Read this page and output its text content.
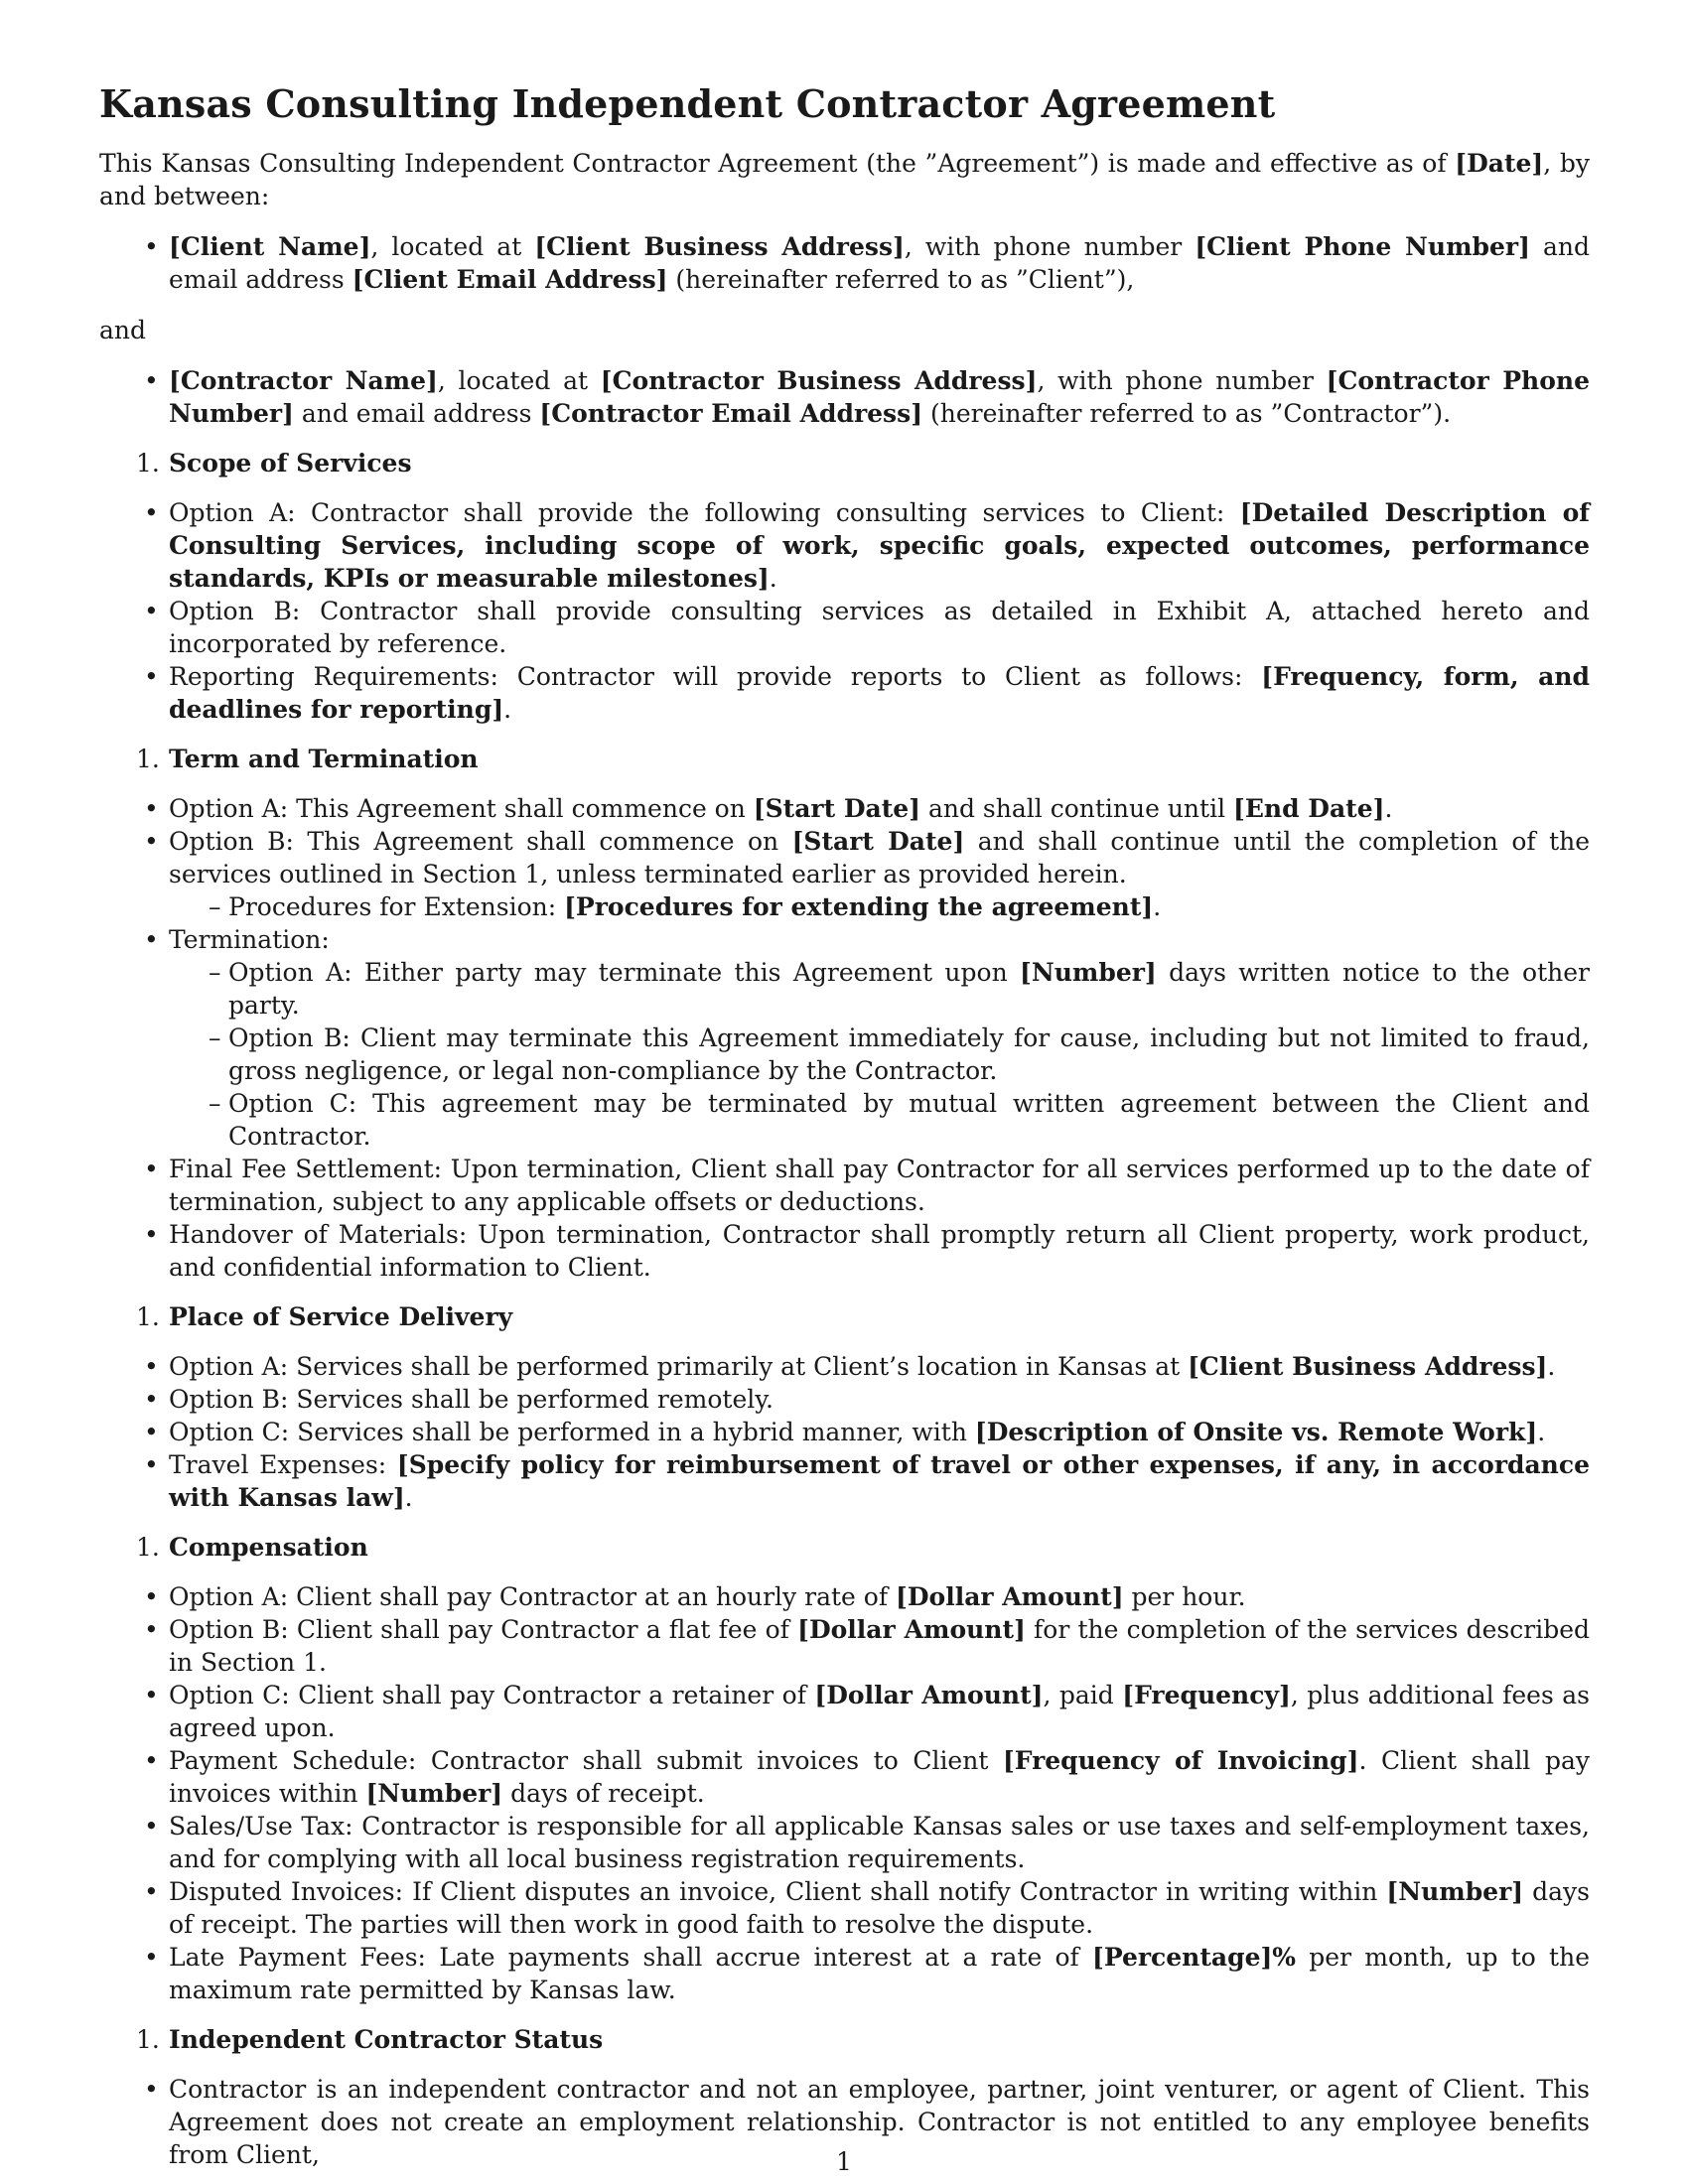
Kansas Consulting Independent Contractor Agreement

This Kansas Consulting Independent Contractor Agreement (the ”Agreement”) is made and effective as of [Date], by and between:

• [Client Name], located at [Client Business Address], with phone number [Client Phone Number] and email address [Client Email Address] (hereinafter referred to as ”Client”),

and

• [Contractor Name], located at [Contractor Business Address], with phone number [Contractor Phone Number] and email address [Contractor Email Address] (hereinafter referred to as ”Contractor”).
1. Scope of Services
• Option A: Contractor shall provide the following consulting services to Client: [Detailed Description of Consulting Services, including scope of work, specific goals, expected outcomes, performance standards, KPIs or measurable milestones].
• Option B: Contractor shall provide consulting services as detailed in Exhibit A, attached hereto and incorporated by reference.
• Reporting Requirements: Contractor will provide reports to Client as follows: [Frequency, form, and deadlines for reporting].
1. Term and Termination
• Option A: This Agreement shall commence on [Start Date] and shall continue until [End Date].
• Option B: This Agreement shall commence on [Start Date] and shall continue until the completion of the services outlined in Section 1, unless terminated earlier as provided herein.
– Procedures for Extension: [Procedures for extending the agreement].
• Termination:
– Option A: Either party may terminate this Agreement upon [Number] days written notice to the other party.
– Option B: Client may terminate this Agreement immediately for cause, including but not limited to fraud, gross negligence, or legal non-compliance by the Contractor.
– Option C: This agreement may be terminated by mutual written agreement between the Client and Contractor.
• Final Fee Settlement: Upon termination, Client shall pay Contractor for all services performed up to the date of termination, subject to any applicable offsets or deductions.
• Handover of Materials: Upon termination, Contractor shall promptly return all Client property, work product, and confidential information to Client.
1. Place of Service Delivery
• Option A: Services shall be performed primarily at Client’s location in Kansas at [Client Business Address].
• Option B: Services shall be performed remotely.
• Option C: Services shall be performed in a hybrid manner, with [Description of Onsite vs. Remote Work].
• Travel Expenses: [Specify policy for reimbursement of travel or other expenses, if any, in accordance with Kansas law].
1. Compensation
• Option A: Client shall pay Contractor at an hourly rate of [Dollar Amount] per hour.
• Option B: Client shall pay Contractor a flat fee of [Dollar Amount] for the completion of the services described in Section 1.
• Option C: Client shall pay Contractor a retainer of [Dollar Amount], paid [Frequency], plus additional fees as agreed upon.
• Payment Schedule: Contractor shall submit invoices to Client [Frequency of Invoicing]. Client shall pay invoices within [Number] days of receipt.
• Sales/Use Tax: Contractor is responsible for all applicable Kansas sales or use taxes and self-employment taxes, and for complying with all local business registration requirements.
• Disputed Invoices: If Client disputes an invoice, Client shall notify Contractor in writing within [Number] days of receipt. The parties will then work in good faith to resolve the dispute.
• Late Payment Fees: Late payments shall accrue interest at a rate of [Percentage]% per month, up to the maximum rate permitted by Kansas law.
1. Independent Contractor Status
• Contractor is an independent contractor and not an employee, partner, joint venturer, or agent of Client. This Agreement does not create an employment relationship. Contractor is not entitled to any employee benefits from Client,	1
